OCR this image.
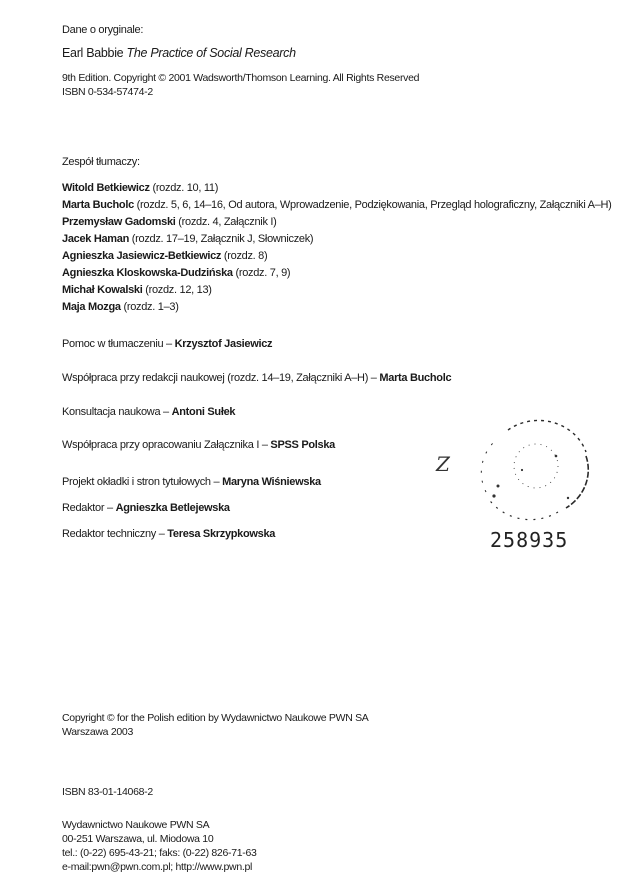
Dane o oryginale:
Earl Babbie The Practice of Social Research
9th Edition. Copyright © 2001 Wadsworth/Thomson Learning. All Rights Reserved
ISBN 0-534-57474-2
Zespół tłumaczy:
Witold Betkiewicz (rozdz. 10, 11)
Marta Bucholc (rozdz. 5, 6, 14–16, Od autora, Wprowadzenie, Podziękowania, Przegląd holograficzny, Załączniki A–H)
Przemysław Gadomski (rozdz. 4, Załącznik I)
Jacek Haman (rozdz. 17–19, Załącznik J, Słowniczek)
Agnieszka Jasiewicz-Betkiewicz (rozdz. 8)
Agnieszka Kloskowska-Dudzińska (rozdz. 7, 9)
Michał Kowalski (rozdz. 12, 13)
Maja Mozga (rozdz. 1–3)
Pomoc w tłumaczeniu – Krzysztof Jasiewicz
Współpraca przy redakcji naukowej (rozdz. 14–19, Załączniki A–H) – Marta Bucholc
Konsultacja naukowa – Antoni Sułek
Współpraca przy opracowaniu Załącznika I – SPSS Polska
Projekt okładki i stron tytułowych – Maryna Wiśniewska
Redaktor – Agnieszka Betlejewska
Redaktor techniczny – Teresa Skrzypkowska
Z
258935
Copyright © for the Polish edition by Wydawnictwo Naukowe PWN SA
Warszawa 2003
ISBN 83-01-14068-2
Wydawnictwo Naukowe PWN SA
00-251 Warszawa, ul. Miodowa 10
tel.: (0-22) 695-43-21; faks: (0-22) 826-71-63
e-mail:pwn@pwn.com.pl; http://www.pwn.pl
